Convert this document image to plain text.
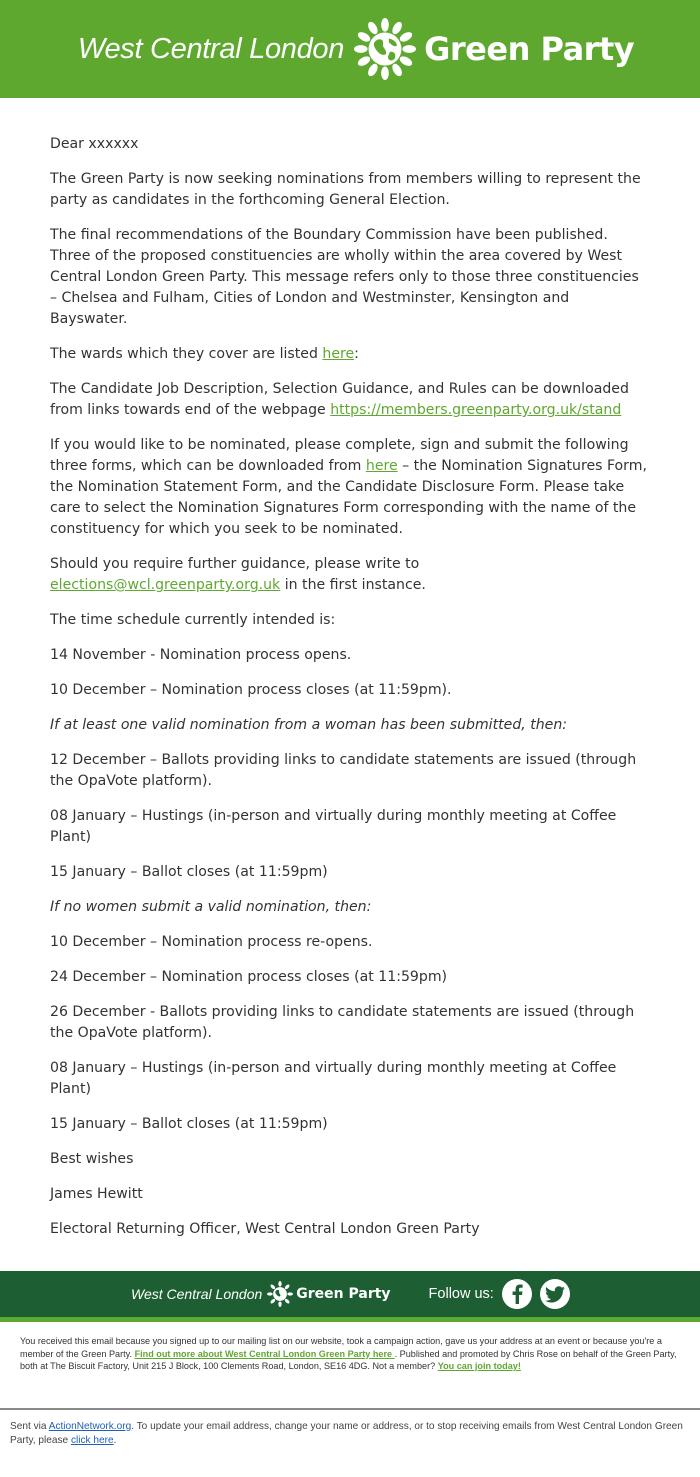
West Central London	Green Party

Dear xxxxxx

The Green Party is now seeking nominations from members willing to represent the party as candidates in the forthcoming General Election.

The final recommendations of the Boundary Commission have been published. Three of the proposed constituencies are wholly within the area covered by West Central London Green Party. This message refers only to those three constituencies – Chelsea and Fulham, Cities of London and Westminster, Kensington and Bayswater.

The wards which they cover are listed here:

The Candidate Job Description, Selection Guidance, and Rules can be downloaded from links towards end of the webpage https://members.greenparty.org.uk/stand

If you would like to be nominated, please complete, sign and submit the following three forms, which can be downloaded from here – the Nomination Signatures Form, the Nomination Statement Form, and the Candidate Disclosure Form. Please take care to select the Nomination Signatures Form corresponding with the name of the constituency for which you seek to be nominated.

Should you require further guidance, please write to
elections@wcl.greenparty.org.uk in the first instance.

The time schedule currently intended is:

14 November - Nomination process opens.

10 December – Nomination process closes (at 11:59pm).

If at least one valid nomination from a woman has been submitted, then:

12 December – Ballots providing links to candidate statements are issued (through the OpaVote platform).

08 January – Hustings (in-person and virtually during monthly meeting at Coffee Plant)

15 January – Ballot closes (at 11:59pm)

If no women submit a valid nomination, then:

10 December – Nomination process re-opens.

24 December – Nomination process closes (at 11:59pm)

26 December - Ballots providing links to candidate statements are issued (through the OpaVote platform).

08 January – Hustings (in-person and virtually during monthly meeting at Coffee Plant)

15 January – Ballot closes (at 11:59pm)

Best wishes

James Hewitt

Electoral Returning Officer, West Central London Green Party

West Central London Green Party	Follow us:
You received this email because you signed up to our mailing list on our website, took a campaign action, gave us your address at an event or because you're a member of the Green Party. Find out more about West Central London Green Party here . Published and promoted by Chris Rose on behalf of the Green Party, both at The Biscuit Factory, Unit 215 J Block, 100 Clements Road, London, SE16 4DG. Not a member? You can join today!
Sent via ActionNetwork.org. To update your email address, change your name or address, or to stop receiving emails from West Central London Green Party, please click here.
